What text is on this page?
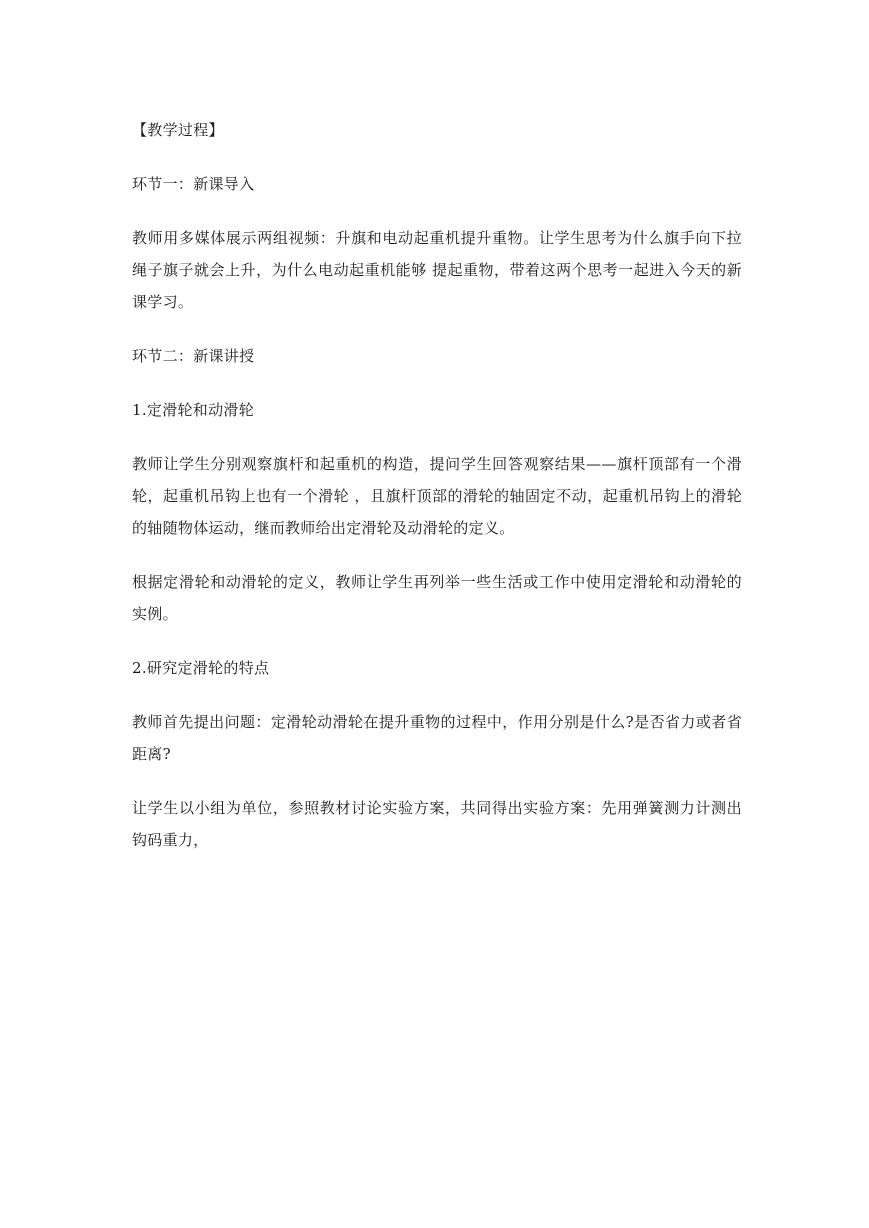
【教学过程】

环节一：新课导入

教师用多媒体展示两组视频：升旗和电动起重机提升重物。让学生思考为什么旗手向下拉绳子旗子就会上升，为什么电动起重机能够 提起重物，带着这两个思考一起进入今天的新课学习。

环节二：新课讲授

1.定滑轮和动滑轮

教师让学生分别观察旗杆和起重机的构造，提问学生回答观察结果——旗杆顶部有一个滑轮，起重机吊钩上也有一个滑轮 ，且旗杆顶部的滑轮的轴固定不动，起重机吊钩上的滑轮的轴随物体运动，继而教师给出定滑轮及动滑轮的定义。

根据定滑轮和动滑轮的定义，教师让学生再列举一些生活或工作中使用定滑轮和动滑轮的实例。

2.研究定滑轮的特点

教师首先提出问题：定滑轮动滑轮在提升重物的过程中，作用分别是什么?是否省力或者省距离?

让学生以小组为单位，参照教材讨论实验方案，共同得出实验方案：先用弹簧测力计测出钩码重力，
